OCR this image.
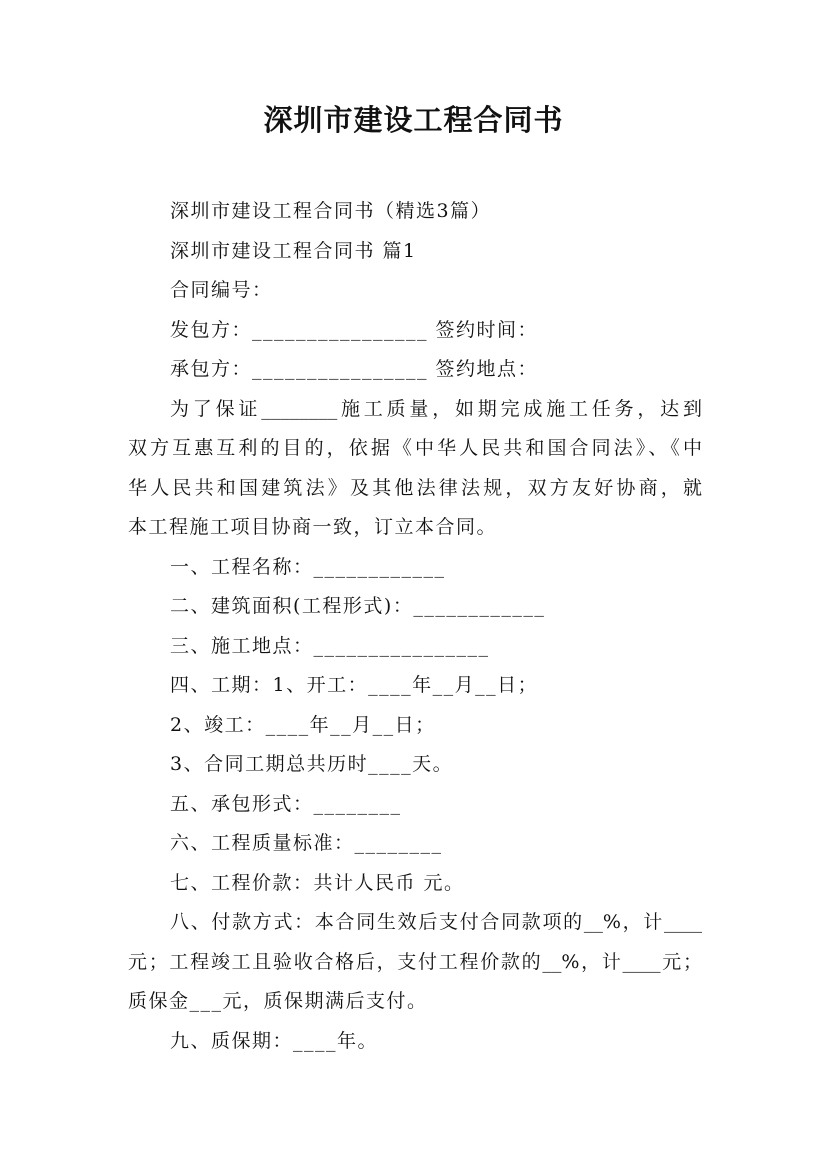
深圳市建设工程合同书
深圳市建设工程合同书（精选3篇）
深圳市建设工程合同书 篇1
合同编号：
发包方：________________ 签约时间：
承包方：________________ 签约地点：
为了保证________施工质量，如期完成施工任务，达到
双方互惠互利的目的，依据《中华人民共和国合同法》、《中
华人民共和国建筑法》及其他法律法规，双方友好协商，就
本工程施工项目协商一致，订立本合同。
一、工程名称：____________
二、建筑面积(工程形式)：____________
三、施工地点：________________
四、工期：1、开工：____年__月__日；
2、竣工：____年__月__日；
3、合同工期总共历时____天。
五、承包形式：________
六、工程质量标准：________
七、工程价款：共计人民币 元。
八、付款方式：本合同生效后支付合同款项的__%，计____
元；工程竣工且验收合格后，支付工程价款的__%，计____元；
质保金___元，质保期满后支付。
九、质保期：____年。
